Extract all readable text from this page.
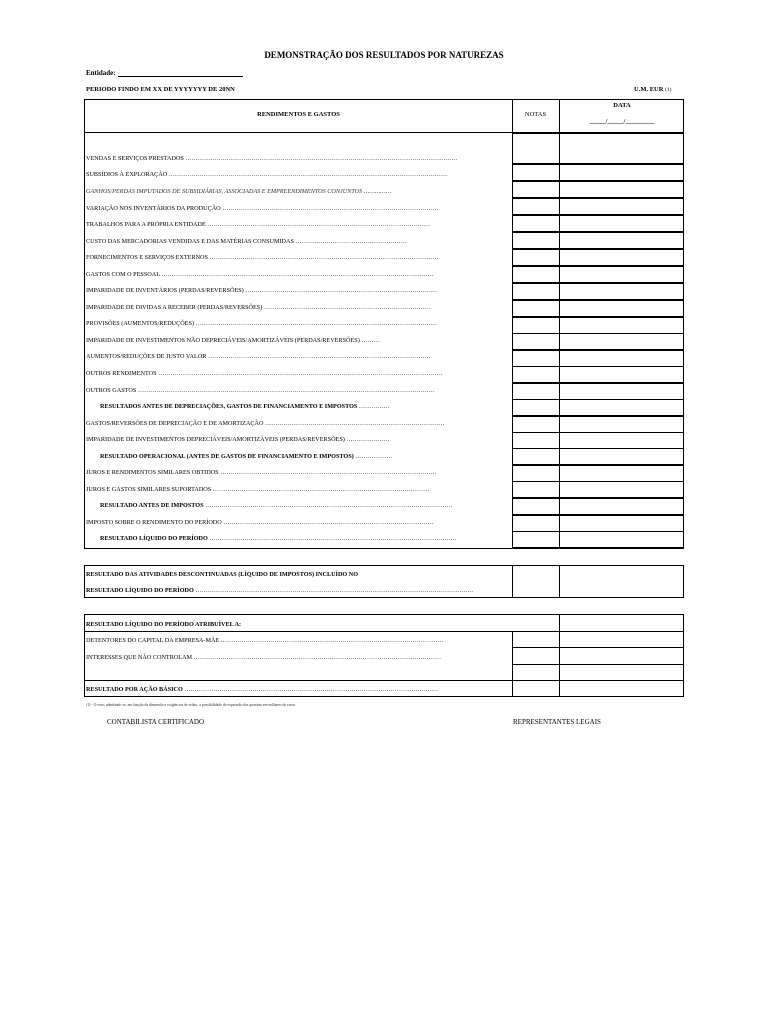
DEMONSTRAÇÃO DOS RESULTADOS POR NATUREZAS
Entidade:
PERIODO FINDO EM XX DE YYYYYYY DE 20NN	U.M. EUR (1)
RENDIMENTOS E GASTOS	NOTAS
DATA
_____/_____/_________
VENDAS E SERVIÇOS PRESTADOS ……………………………………………………………………………………………………………………
SUBSÍDIOS À EXPLORAÇÃO ………………………………………………………………………………………………………………………
GANHOS/PERDAS IMPUTADOS DE SUBSIDIÁRIAS, ASSOCIADAS E EMPREENDIMENTOS CONJUNTOS ……………
VARIAÇÃO NOS INVENTÁRIOS DA PRODUÇÃO ……………………………………………………………………………………………
TRABALHOS PARA A PRÓPRIA ENTIDADE ………………………………………………………………………………………………
CUSTO DAS MERCADORIAS VENDIDAS E DAS MATÉRIAS CONSUMIDAS ………………………………………………
FORNECIMENTOS E SERVIÇOS EXTERNOS …………………………………………………………………………………………………
GASTOS COM O PESSOAL ……………………………………………………………………………………………………………………
IMPARIDADE DE INVENTÁRIOS (PERDAS/REVERSÕES) …………………………………………………………………………………
IMPARIDADE DE DIVIDAS A RECEBER (PERDAS/REVERSÕES) ………………………………………………………………………
PROVISÕES (AUMENTOS/REDUÇÕES) ………………………………………………………………………………………………………
IMPARIDADE DE INVESTIMENTOS NÃO DEPRECIÁVEIS/AMORTIZÁVEIS (PERDAS/REVERSÕES) ………
AUMENTOS/REDUÇÕES DE JUSTO VALOR ………………………………………………………………………………………………
OUTROS RENDIMENTOS …………………………………………………………………………………………………………………………
OUTROS GASTOS ………………………………………………………………………………………………………………………………
RESULTADOS ANTES DE DEPRECIAÇÕES, GASTOS DE FINANCIAMENTO E IMPOSTOS ……………
GASTOS/REVERSÕES DE DEPRECIAÇÃO E DE AMORTIZAÇÃO ……………………………………………………………………………
IMPARIDADE DE INVESTIMENTOS DEPRECIÁVEIS/AMORTIZÁVEIS (PERDAS/REVERSÕES) …………………
RESULTADO OPERACIONAL (ANTES DE GASTOS DE FINANCIAMENTO E IMPOSTOS) ………………
JUROS E RENDIMENTOS SIMILARES OBTIDOS ……………………………………………………………………………………………
JUROS E GASTOS SIMILARES SUPORTADOS ……………………………………………………………………………………………
RESULTADO ANTES DE IMPOSTOS …………………………………………………………………………………………………………
IMPOSTO SOBRE O RENDIMENTO DO PERÍODO …………………………………………………………………………………………
RESULTADO LÍQUIDO DO PERÍODO …………………………………………………………………………………………………………
RESULTADO DAS ATIVIDADES DESCONTINUADAS (LÍQUIDO DE IMPOSTOS) INCLUÍDO NO
RESULTADO LÍQUIDO DO PERÍODO ………………………………………………………………………………………………………………………
RESULTADO LÍQUIDO DO PERÍODO ATRIBUÍVEL A:
DETENTORES DO CAPITAL DA EMPRESA-MÃE ………………………………………………………………………………………………
INTERESSES QUE NÃO CONTROLAM …………………………………………………………………………………………………………
RESULTADO POR AÇÃO BÁSICO ……………………………………………………………………………………………………………
(1) - O euro, admitindo-se, em função da dimensão e exigências de relato, a possibilidade de expressão das quantias em milhares de euros
CONTABILISTA CERTIFICADO	REPRESENTANTES LEGAIS
